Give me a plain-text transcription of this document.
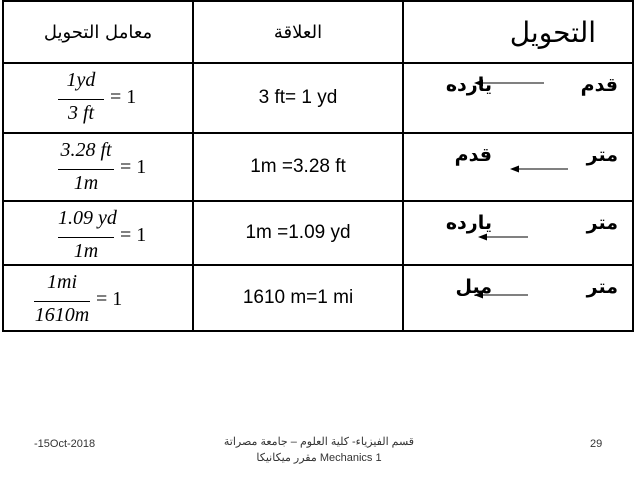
معامل التحويل	العلاقة	التحويل

1yd
3 ft
= 1	3 ft= 1 yd	قدم
يارده

3.28 ft
1m
= 1	1m =3.28 ft	متر
قدم

1.09 yd
1m
= 1	1m =1.09 yd	متر
يارده

1mi
1610m
= 1	1610 m=1 mi	متر
ميل
-15Oct-2018	قسم الفيزياء- كلية العلوم – جامعة مصراتة
مقرر ميكانيكا Mechanics 1
29
